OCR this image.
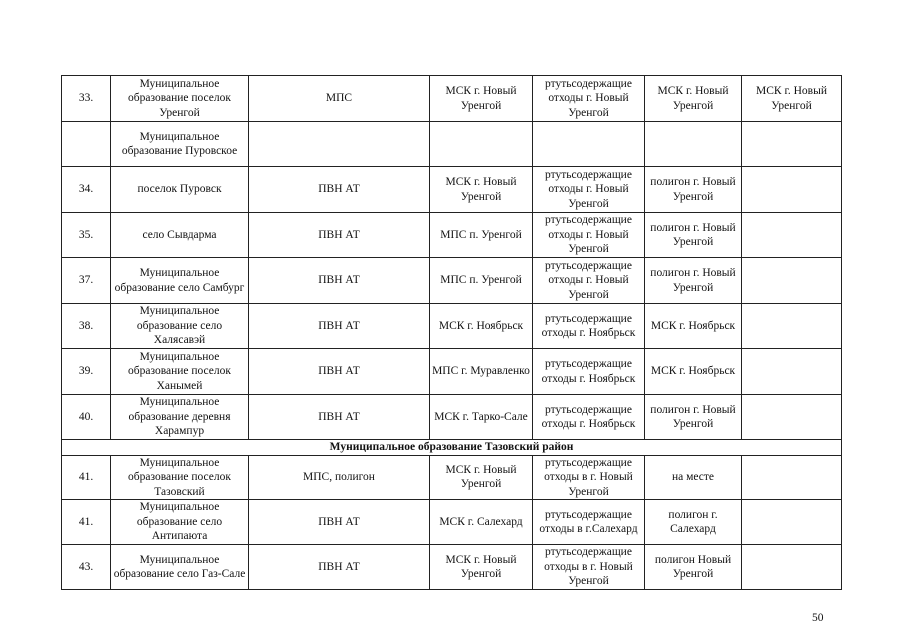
33.	Муниципальное образование поселок Уренгой	МПС	МСК г. Новый Уренгой	ртутьсодержащие отходы г. Новый Уренгой	МСК г. Новый Уренгой	МСК г. Новый Уренгой
	Муниципальное образование Пуровское					
34.	поселок Пуровск	ПВН АТ	МСК г. Новый Уренгой	ртутьсодержащие отходы г. Новый Уренгой	полигон г. Новый Уренгой	
35.	село Сывдарма	ПВН АТ	МПС п. Уренгой	ртутьсодержащие отходы г. Новый Уренгой	полигон г. Новый Уренгой	
37.	Муниципальное образование село Самбург	ПВН АТ	МПС п. Уренгой	ртутьсодержащие отходы г. Новый Уренгой	полигон г. Новый Уренгой	
38.	Муниципальное образование село Халясавэй	ПВН АТ	МСК г. Ноябрьск	ртутьсодержащие отходы г. Ноябрьск	МСК г. Ноябрьск	
39.	Муниципальное образование поселок Ханымей	ПВН АТ	МПС г. Муравленко	ртутьсодержащие отходы г. Ноябрьск	МСК г. Ноябрьск	
40.	Муниципальное образование деревня Харампур	ПВН АТ	МСК г. Тарко-Сале	ртутьсодержащие отходы г. Ноябрьск	полигон г. Новый Уренгой	
Муниципальное образование Тазовский район						
41.	Муниципальное образование поселок Тазовский	МПС, полигон	МСК г. Новый Уренгой	ртутьсодержащие отходы в г. Новый Уренгой	на месте	
41.	Муниципальное образование село Антипаюта	ПВН АТ	МСК г. Салехард	ртутьсодержащие отходы в г.Салехард	полигон г. Салехард	
43.	Муниципальное образование село Газ-Сале	ПВН АТ	МСК г. Новый Уренгой	ртутьсодержащие отходы в г. Новый Уренгой	полигон Новый Уренгой	
50
